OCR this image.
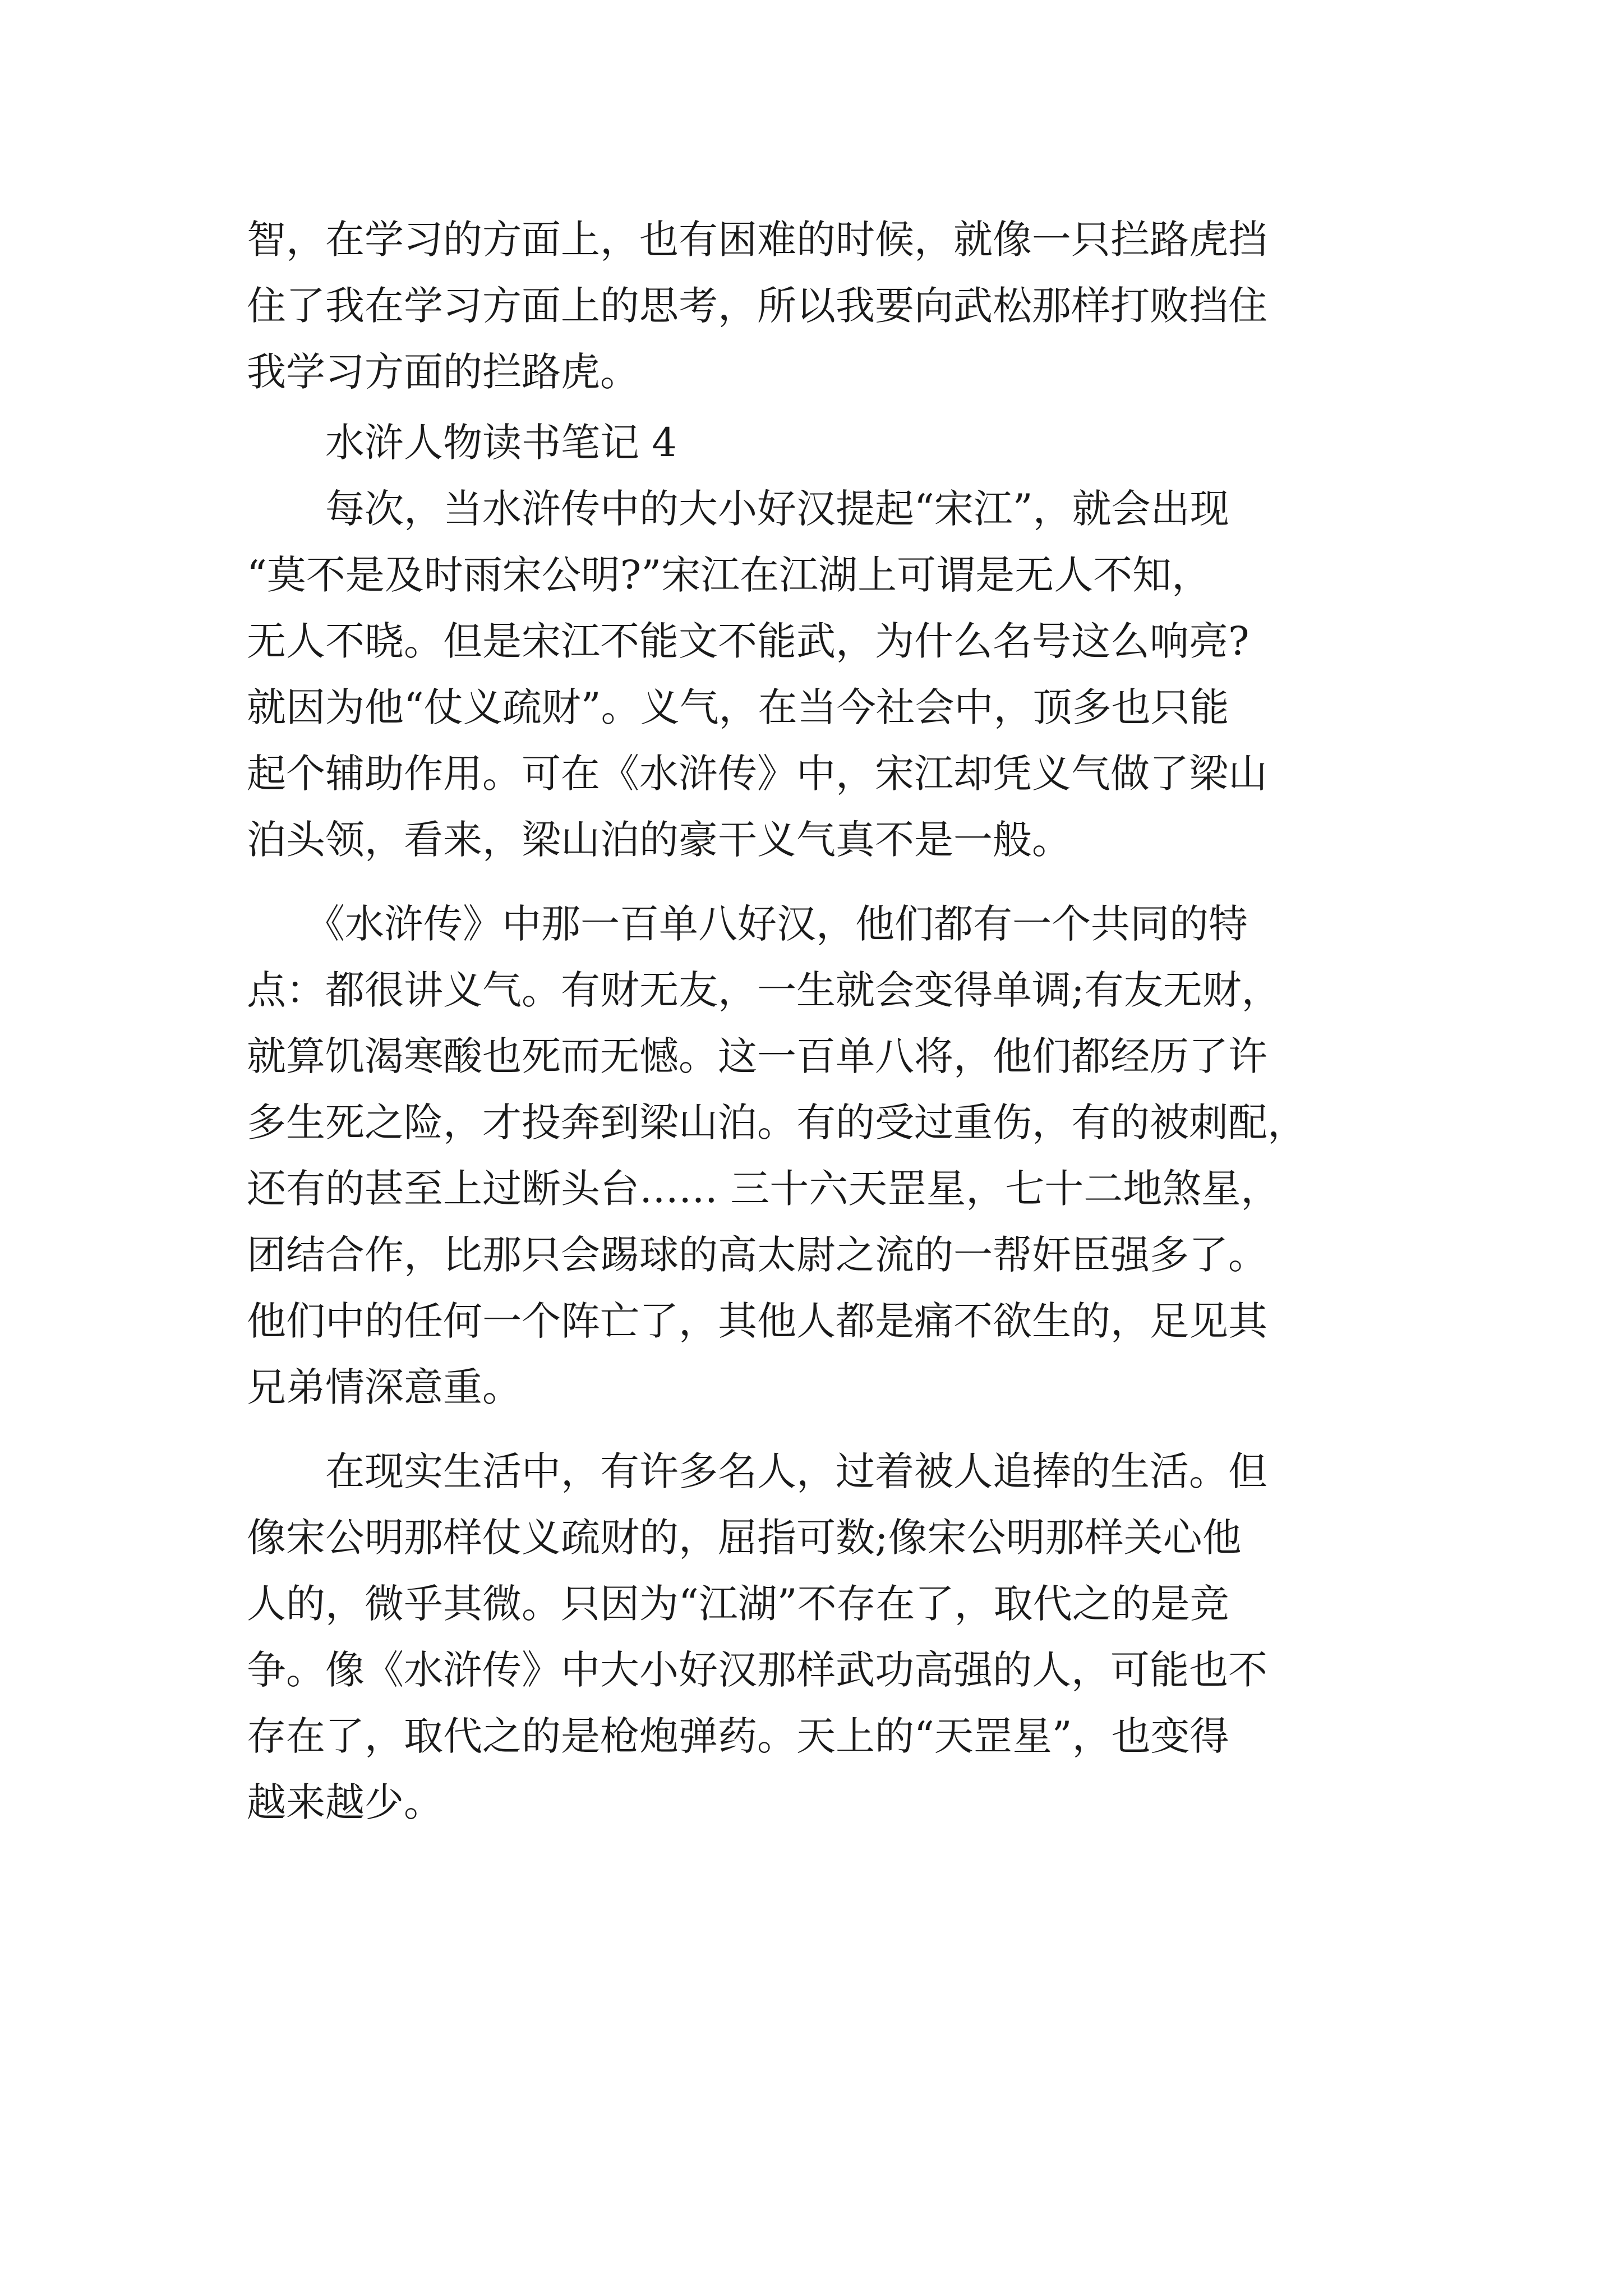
智，在学习的方面上，也有困难的时候，就像一只拦路虎挡
住了我在学习方面上的思考，所以我要向武松那样打败挡住
我学习方面的拦路虎。
　　水浒人物读书笔记 4
　　每次，当水浒传中的大小好汉提起“宋江”，就会出现
“莫不是及时雨宋公明?”宋江在江湖上可谓是无人不知，
无人不晓。但是宋江不能文不能武，为什么名号这么响亮?
就因为他“仗义疏财”。义气，在当今社会中，顶多也只能
起个辅助作用。可在《水浒传》中，宋江却凭义气做了梁山
泊头领，看来，梁山泊的豪干义气真不是一般。
　　《水浒传》中那一百单八好汉，他们都有一个共同的特
点：都很讲义气。有财无友，一生就会变得单调;有友无财，
就算饥渴寒酸也死而无憾。这一百单八将，他们都经历了许
多生死之险，才投奔到梁山泊。有的受过重伤，有的被刺配，
还有的甚至上过断头台…… 三十六天罡星，七十二地煞星，
团结合作，比那只会踢球的高太尉之流的一帮奸臣强多了。
他们中的任何一个阵亡了，其他人都是痛不欲生的，足见其
兄弟情深意重。
　　在现实生活中，有许多名人，过着被人追捧的生活。但
像宋公明那样仗义疏财的，屈指可数;像宋公明那样关心他
人的，微乎其微。只因为“江湖”不存在了，取代之的是竞
争。像《水浒传》中大小好汉那样武功高强的人，可能也不
存在了，取代之的是枪炮弹药。天上的“天罡星”，也变得
越来越少。
